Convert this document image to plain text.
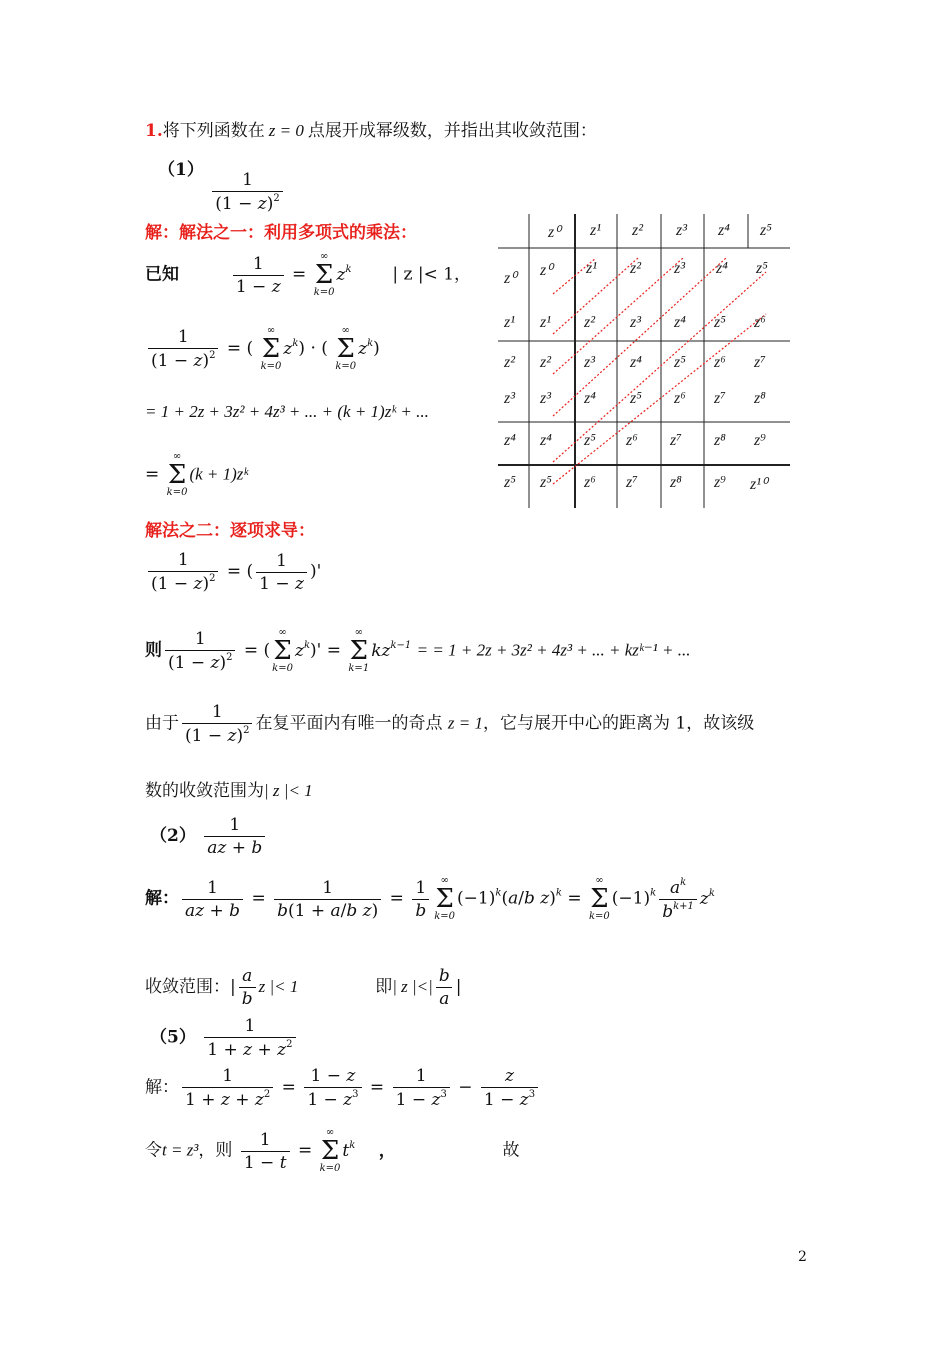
1.将下列函数在 z = 0 点展开成幂级数，并指出其收敛范围：
$(1) \frac{1}{(1 - z)^2}$
解：解法之一：利用多项式的乘法：
已知	$\frac{1}{1 - z}$ =
∞
Σ
k=0
$z^k$ | z |< 1，
$\frac{1}{(1 - z)^2}$ = (
∞
Σ
k=0
$z^k$) · (
∞
Σ
k=0
$z^k$)
= 1 + 2z + 3z² + 4z³ + ... + (k + 1)zᵏ + ...
=
∞
Σ
k=0
(k + 1)zᵏ
z⁰ z¹ z² z³ z⁴ z⁵
z⁰ z⁰ z¹ z² z³ z⁴ z⁵
z¹ z¹ z² z³ z⁴ z⁵ z⁶
z² z² z³ z⁴ z⁵ z⁶ z⁷
z³ z³ z⁴ z⁵ z⁶ z⁷ z⁸
z⁴ z⁴ z⁵ z⁶ z⁷ z⁸ z⁹
z⁵ z⁵ z⁶ z⁷ z⁸ z⁹ z¹⁰
解法之二：逐项求导：
$\frac{1}{(1 - z)^2}$ = ( $\frac{1}{1 - z}$ )'
则 $\frac{1}{(1 - z)^2}$ = (
∞
Σ
k=0
$z^k)'$ =
∞
Σ
k=1
$kz^{k-1}$ = = 1 + 2z + 3z² + 4z³ + ... + kzᵏ⁻¹ + ...
由于 $\frac{1}{(1 - z)^2}$ 在复平面内有唯一的奇点 z = 1，它与展开中心的距离为 1，故该级
数的收敛范围为| z |< 1
$(2) \frac{1}{az + b}$
解： $\frac{1}{az + b} = \frac{1}{\text{b(1 + a/b z)}} = \frac{1}{b}$ ∞
Σ
k=0
$(-1)^k(a/b$ z)$^k$ =
∞
Σ
k=0
$(-1)^k \frac{a^k}{b^{k+1}} z^k$
收敛范围：| $\frac{a}{b}$ z |< 1	即| z |<| $\frac{b}{a}$ |
$(5) \frac{1}{1 + z + z^2}$
解： $\frac{1}{1 + z + z^2} = \frac{1 - z}{1 - z^3} = \frac{1}{1 - z^3} - \frac{z}{1 - z^3}$
令t = z³，则 $\frac{1}{1 - t}$ =
∞
Σ
k=0
$t^k$ ，	故
2
